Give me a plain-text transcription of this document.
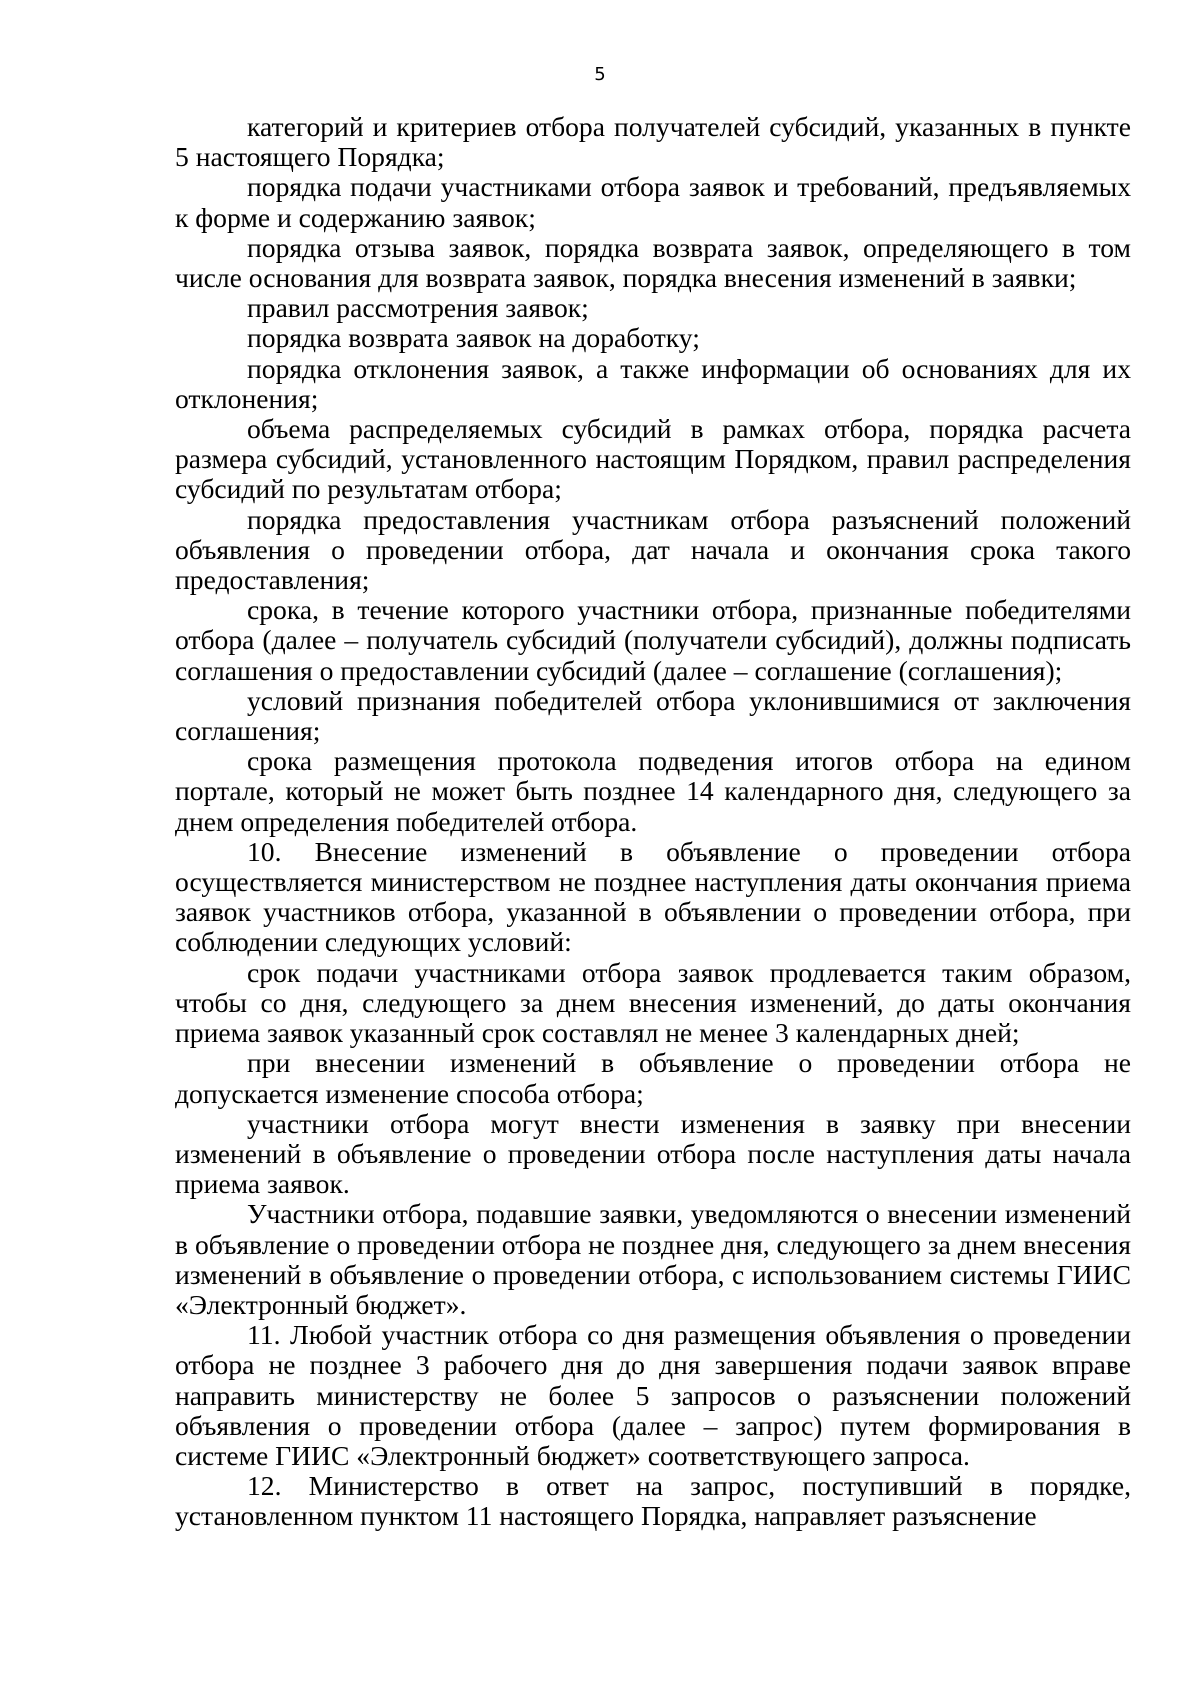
5

категорий и критериев отбора получателей субсидий, указанных в пункте 5 настоящего Порядка;

порядка подачи участниками отбора заявок и требований, предъявляемых к форме и содержанию заявок;

порядка отзыва заявок, порядка возврата заявок, определяющего в том числе основания для возврата заявок, порядка внесения изменений в заявки;

правил рассмотрения заявок;

порядка возврата заявок на доработку;

порядка отклонения заявок, а также информации об основаниях для их отклонения;

объема распределяемых субсидий в рамках отбора, порядка расчета размера субсидий, установленного настоящим Порядком, правил распределения субсидий по результатам отбора;

порядка предоставления участникам отбора разъяснений положений объявления о проведении отбора, дат начала и окончания срока такого предоставления;

срока, в течение которого участники отбора, признанные победителями отбора (далее – получатель субсидий (получатели субсидий), должны подписать соглашения о предоставлении субсидий (далее – соглашение (соглашения);

условий признания победителей отбора уклонившимися от заключения соглашения;

срока размещения протокола подведения итогов отбора на едином портале, который не может быть позднее 14 календарного дня, следующего за днем определения победителей отбора.

10. Внесение изменений в объявление о проведении отбора осуществляется министерством не позднее наступления даты окончания приема заявок участников отбора, указанной в объявлении о проведении отбора, при соблюдении следующих условий:

срок подачи участниками отбора заявок продлевается таким образом, чтобы со дня, следующего за днем внесения изменений, до даты окончания приема заявок указанный срок составлял не менее 3 календарных дней;

при внесении изменений в объявление о проведении отбора не допускается изменение способа отбора;

участники отбора могут внести изменения в заявку при внесении изменений в объявление о проведении отбора после наступления даты начала приема заявок.

Участники отбора, подавшие заявки, уведомляются о внесении изменений в объявление о проведении отбора не позднее дня, следующего за днем внесения изменений в объявление о проведении отбора, с использованием системы ГИИС «Электронный бюджет».

11. Любой участник отбора со дня размещения объявления о проведении отбора не позднее 3 рабочего дня до дня завершения подачи заявок вправе направить министерству не более 5 запросов о разъяснении положений объявления о проведении отбора (далее – запрос) путем формирования в системе ГИИС «Электронный бюджет» соответствующего запроса.

12. Министерство в ответ на запрос, поступивший в порядке, установленном пунктом 11 настоящего Порядка, направляет разъяснение
